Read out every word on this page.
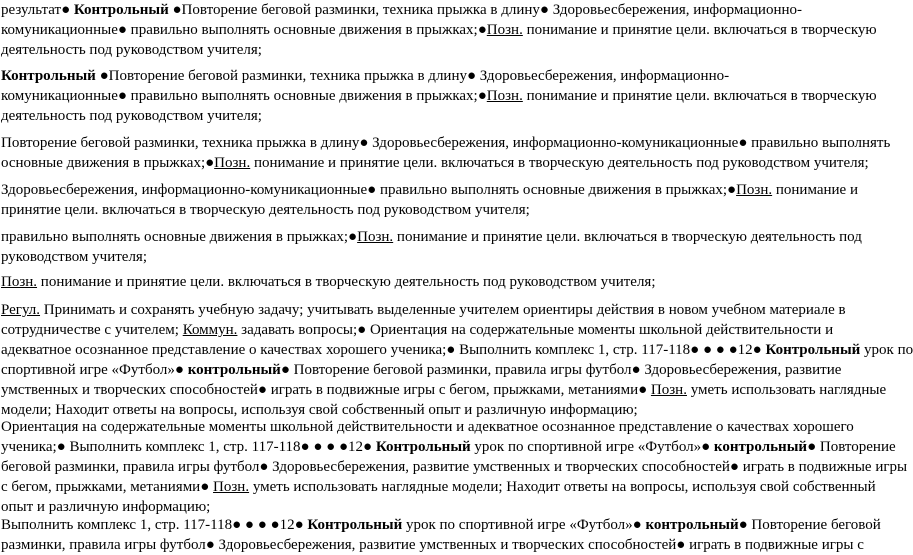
результат● Контрольный ●Повторение беговой разминки, техника прыжка в длину● Здоровьесбережения, информационно-
комуникационные● правильно выполнять основные движения в прыжках;●Позн. понимание и принятие цели. включаться в творческую
деятельность под руководством учителя;
Контрольный ●Повторение беговой разминки, техника прыжка в длину● Здоровьесбережения, информационно-
комуникационные● правильно выполнять основные движения в прыжках;●Позн. понимание и принятие цели. включаться в творческую
деятельность под руководством учителя;
Повторение беговой разминки, техника прыжка в длину● Здоровьесбережения, информационно-комуникационные● правильно выполнять
основные движения в прыжках;●Позн. понимание и принятие цели. включаться в творческую деятельность под руководством учителя;
Здоровьесбережения, информационно-комуникационные● правильно выполнять основные движения в прыжках;●Позн. понимание и
принятие цели. включаться в творческую деятельность под руководством учителя;
правильно выполнять основные движения в прыжках;●Позн. понимание и принятие цели. включаться в творческую деятельность под
руководством учителя;
Позн. понимание и принятие цели. включаться в творческую деятельность под руководством учителя;
Регул. Принимать и сохранять учебную задачу; учитывать выделенные учителем ориентиры действия в новом учебном материале в
сотрудничестве с учителем; Коммун. задавать вопросы;● Ориентация на содержательные моменты школьной действительности и
адекватное осознанное представление о качествах хорошего ученика;● Выполнить комплекс 1, стр. 117-118● ● ● ●12● Контрольный урок по
спортивной игре «Футбол»● контрольный● Повторение беговой разминки, правила игры футбол● Здоровьесбережения, развитие
умственных и творческих способностей● играть в подвижные игры с бегом, прыжками, метаниями● Позн. уметь использовать наглядные
модели; Находит ответы на вопросы, используя свой собственный опыт и различную информацию;
Ориентация на содержательные моменты школьной действительности и адекватное осознанное представление о качествах хорошего
ученика;● Выполнить комплекс 1, стр. 117-118● ● ● ●12● Контрольный урок по спортивной игре «Футбол»● контрольный● Повторение
беговой разминки, правила игры футбол● Здоровьесбережения, развитие умственных и творческих способностей● играть в подвижные игры
с бегом, прыжками, метаниями● Позн. уметь использовать наглядные модели; Находит ответы на вопросы, используя свой собственный
опыт и различную информацию;
Выполнить комплекс 1, стр. 117-118● ● ● ●12● Контрольный урок по спортивной игре «Футбол»● контрольный● Повторение беговой
разминки, правила игры футбол● Здоровьесбережения, развитие умственных и творческих способностей● играть в подвижные игры с
